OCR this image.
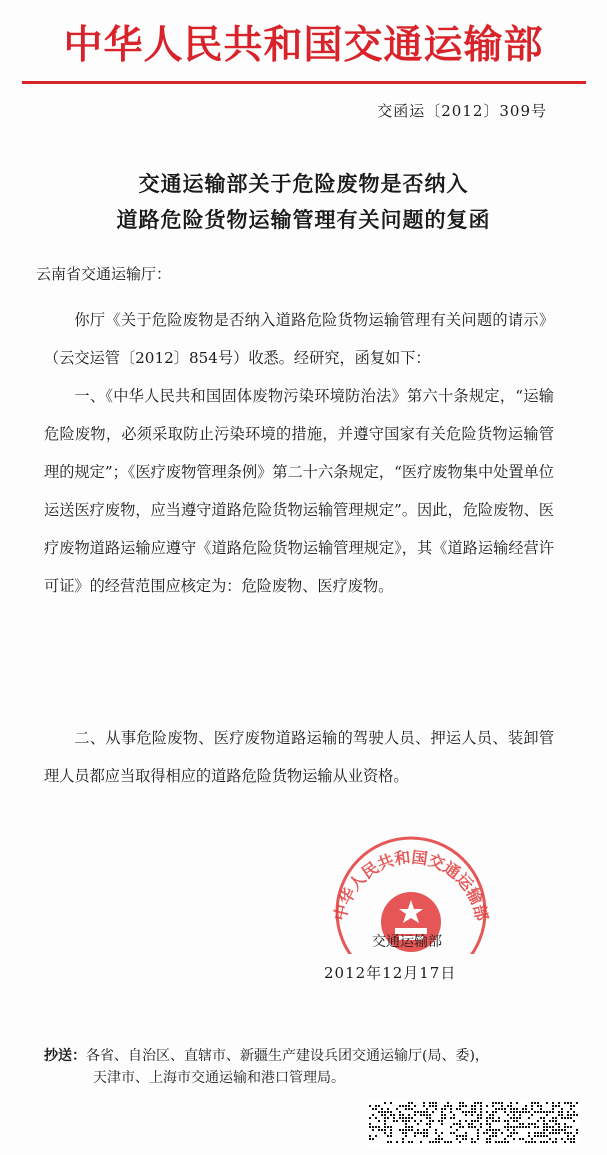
中华人民共和国交通运输部
交函运〔2012〕309号
交通运输部关于危险废物是否纳入
道路危险货物运输管理有关问题的复函
云南省交通运输厅：
你厅《关于危险废物是否纳入道路危险货物运输管理有关问题的请示》（云交运管〔2012〕854号）收悉。经研究，函复如下：
一、《中华人民共和国固体废物污染环境防治法》第六十条规定，“运输危险废物，必须采取防止污染环境的措施，并遵守国家有关危险货物运输管理的规定”；《医疗废物管理条例》第二十六条规定，“医疗废物集中处置单位运送医疗废物，应当遵守道路危险货物运输管理规定”。因此，危险废物、医疗废物道路运输应遵守《道路危险货物运输管理规定》，其《道路运输经营许可证》的经营范围应核定为：危险废物、医疗废物。
二、从事危险废物、医疗废物道路运输的驾驶人员、押运人员、装卸管理人员都应当取得相应的道路危险货物运输从业资格。
中华人民共和国交通运输部
交通运输部
2012年12月17日
抄送：各省、自治区、直辖市、新疆生产建设兵团交通运输厅(局、委)，
天津市、上海市交通运输和港口管理局。
